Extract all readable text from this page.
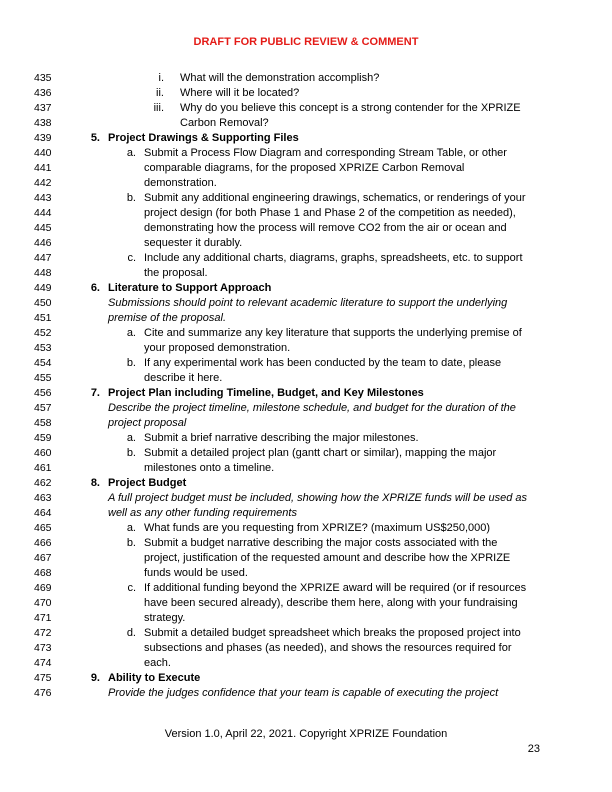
DRAFT FOR PUBLIC REVIEW & COMMENT
435	i. What will the demonstration accomplish?
436	ii. Where will it be located?
437	iii. Why do you believe this concept is a strong contender for the XPRIZE
438	Carbon Removal?
439	5. Project Drawings & Supporting Files
440	a. Submit a Process Flow Diagram and corresponding Stream Table, or other
441	comparable diagrams, for the proposed XPRIZE Carbon Removal
442	demonstration.
443	b. Submit any additional engineering drawings, schematics, or renderings of your
444	project design (for both Phase 1 and Phase 2 of the competition as needed),
445	demonstrating how the process will remove CO2 from the air or ocean and
446	sequester it durably.
447	c. Include any additional charts, diagrams, graphs, spreadsheets, etc. to support
448	the proposal.
449	6. Literature to Support Approach
450	Submissions should point to relevant academic literature to support the underlying
451	premise of the proposal.
452	a. Cite and summarize any key literature that supports the underlying premise of
453	your proposed demonstration.
454	b. If any experimental work has been conducted by the team to date, please
455	describe it here.
456	7. Project Plan including Timeline, Budget, and Key Milestones
457	Describe the project timeline, milestone schedule, and budget for the duration of the
458	project proposal
459	a. Submit a brief narrative describing the major milestones.
460	b. Submit a detailed project plan (gantt chart or similar), mapping the major
461	milestones onto a timeline.
462	8. Project Budget
463	A full project budget must be included, showing how the XPRIZE funds will be used as
464	well as any other funding requirements
465	a. What funds are you requesting from XPRIZE? (maximum US$250,000)
466	b. Submit a budget narrative describing the major costs associated with the
467	project, justification of the requested amount and describe how the XPRIZE
468	funds would be used.
469	c. If additional funding beyond the XPRIZE award will be required (or if resources
470	have been secured already), describe them here, along with your fundraising
471	strategy.
472	d. Submit a detailed budget spreadsheet which breaks the proposed project into
473	subsections and phases (as needed), and shows the resources required for
474	each.
475	9. Ability to Execute
476	Provide the judges confidence that your team is capable of executing the project
Version 1.0, April 22, 2021. Copyright XPRIZE Foundation
23
